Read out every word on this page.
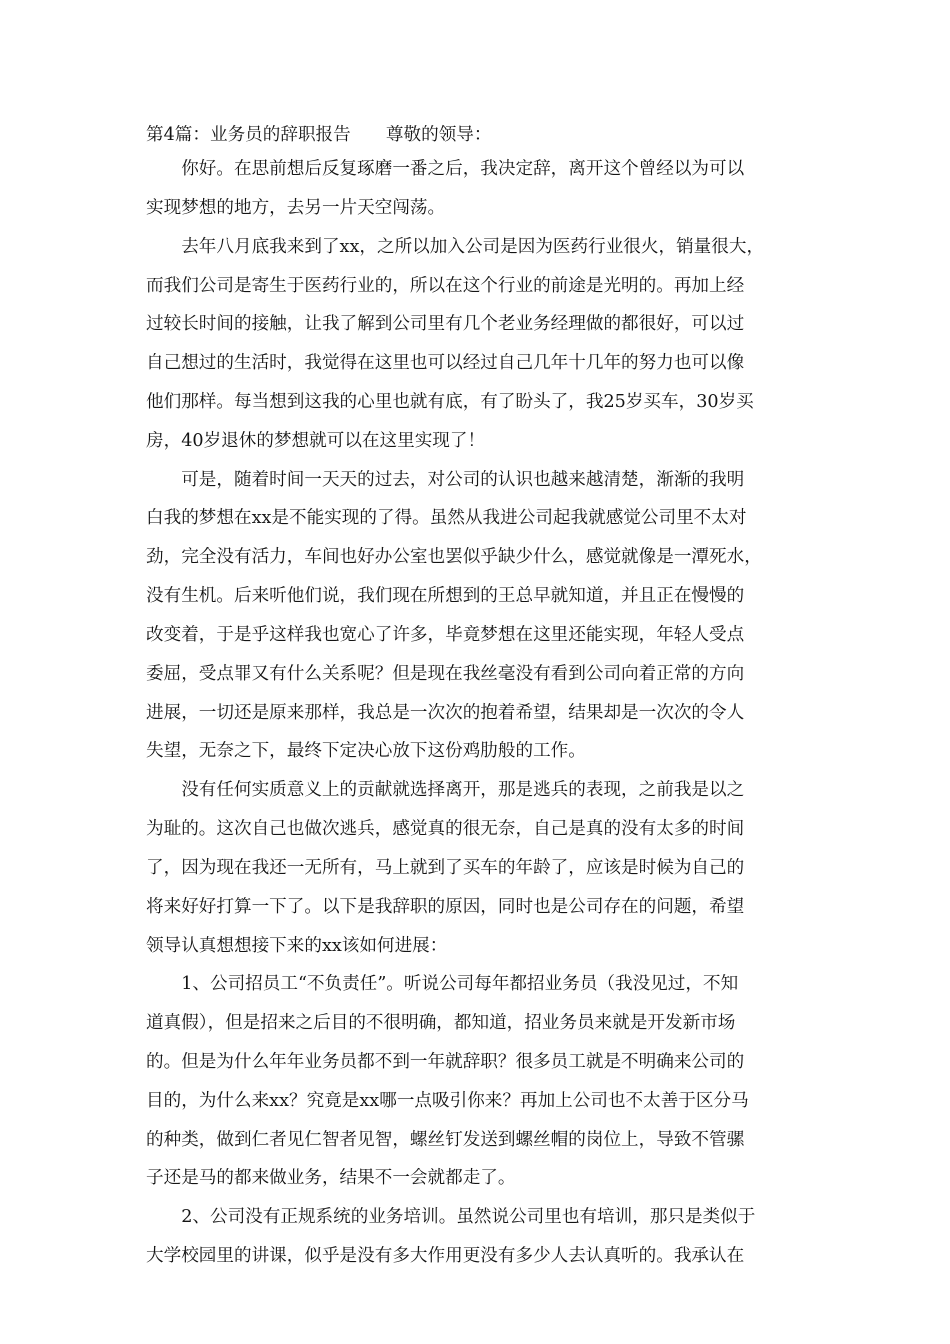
第4篇：业务员的辞职报告　　尊敬的领导：
　　你好。在思前想后反复琢磨一番之后，我决定辞，离开这个曾经以为可以
实现梦想的地方，去另一片天空闯荡。
　　去年八月底我来到了xx，之所以加入公司是因为医药行业很火，销量很大，
而我们公司是寄生于医药行业的，所以在这个行业的前途是光明的。再加上经
过较长时间的接触，让我了解到公司里有几个老业务经理做的都很好，可以过
自己想过的生活时，我觉得在这里也可以经过自己几年十几年的努力也可以像
他们那样。每当想到这我的心里也就有底，有了盼头了，我25岁买车，30岁买
房，40岁退休的梦想就可以在这里实现了！
　　可是，随着时间一天天的过去，对公司的认识也越来越清楚，渐渐的我明
白我的梦想在xx是不能实现的了得。虽然从我进公司起我就感觉公司里不太对
劲，完全没有活力，车间也好办公室也罢似乎缺少什么，感觉就像是一潭死水，
没有生机。后来听他们说，我们现在所想到的王总早就知道，并且正在慢慢的
改变着，于是乎这样我也宽心了许多，毕竟梦想在这里还能实现，年轻人受点
委屈，受点罪又有什么关系呢？但是现在我丝毫没有看到公司向着正常的方向
进展，一切还是原来那样，我总是一次次的抱着希望，结果却是一次次的令人
失望，无奈之下，最终下定决心放下这份鸡肋般的工作。
　　没有任何实质意义上的贡献就选择离开，那是逃兵的表现，之前我是以之
为耻的。这次自己也做次逃兵，感觉真的很无奈，自己是真的没有太多的时间
了，因为现在我还一无所有，马上就到了买车的年龄了，应该是时候为自己的
将来好好打算一下了。以下是我辞职的原因，同时也是公司存在的问题，希望
领导认真想想接下来的xx该如何进展：
　　1、公司招员工“不负责任”。听说公司每年都招业务员（我没见过，不知
道真假），但是招来之后目的不很明确，都知道，招业务员来就是开发新市场
的。但是为什么年年业务员都不到一年就辞职？很多员工就是不明确来公司的
目的，为什么来xx？究竟是xx哪一点吸引你来？再加上公司也不太善于区分马
的种类，做到仁者见仁智者见智，螺丝钉发送到螺丝帽的岗位上，导致不管骡
子还是马的都来做业务，结果不一会就都走了。
　　2、公司没有正规系统的业务培训。虽然说公司里也有培训，那只是类似于
大学校园里的讲课，似乎是没有多大作用更没有多少人去认真听的。我承认在
